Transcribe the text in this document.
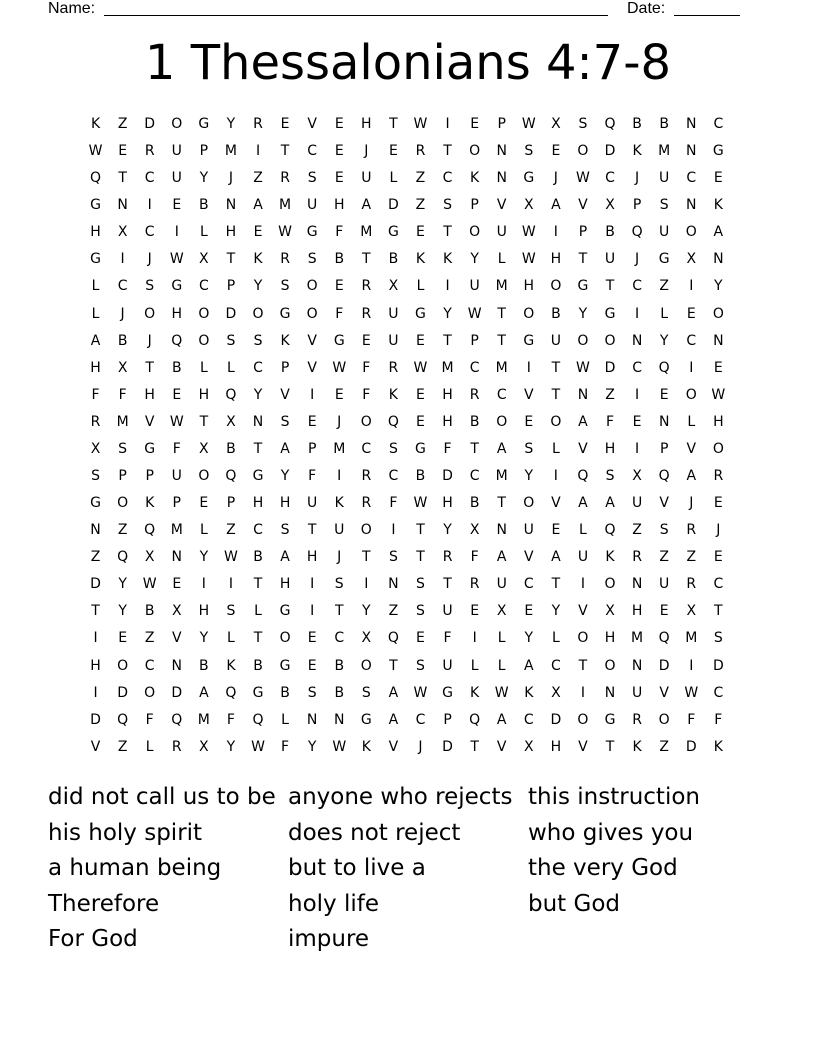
Name:	Date:
1 Thessalonians 4:7-8
K	Z	D	O	G	Y	R	E	V	E	H	T	W	I	E	P	W	X	S	Q	B	B	N	C
W	E	R	U	P	M	I	T	C	E	J	E	R	T	O	N	S	E	O	D	K	M	N	G
Q	T	C	U	Y	J	Z	R	S	E	U	L	Z	C	K	N	G	J	W	C	J	U	C	E
G	N	I	E	B	N	A	M	U	H	A	D	Z	S	P	V	X	A	V	X	P	S	N	K
H	X	C	I	L	H	E	W	G	F	M	G	E	T	O	U	W	I	P	B	Q	U	O	A
G	I	J	W	X	T	K	R	S	B	T	B	K	K	Y	L	W	H	T	U	J	G	X	N
L	C	S	G	C	P	Y	S	O	E	R	X	L	I	U	M	H	O	G	T	C	Z	I	Y
L	J	O	H	O	D	O	G	O	F	R	U	G	Y	W	T	O	B	Y	G	I	L	E	O
A	B	J	Q	O	S	S	K	V	G	E	U	E	T	P	T	G	U	O	O	N	Y	C	N
H	X	T	B	L	L	C	P	V	W	F	R	W	M	C	M	I	T	W	D	C	Q	I	E
F	F	H	E	H	Q	Y	V	I	E	F	K	E	H	R	C	V	T	N	Z	I	E	O	W
R	M	V	W	T	X	N	S	E	J	O	Q	E	H	B	O	E	O	A	F	E	N	L	H
X	S	G	F	X	B	T	A	P	M	C	S	G	F	T	A	S	L	V	H	I	P	V	O
S	P	P	U	O	Q	G	Y	F	I	R	C	B	D	C	M	Y	I	Q	S	X	Q	A	R
G	O	K	P	E	P	H	H	U	K	R	F	W	H	B	T	O	V	A	A	U	V	J	E
N	Z	Q	M	L	Z	C	S	T	U	O	I	T	Y	X	N	U	E	L	Q	Z	S	R	J
Z	Q	X	N	Y	W	B	A	H	J	T	S	T	R	F	A	V	A	U	K	R	Z	Z	E
D	Y	W	E	I	I	T	H	I	S	I	N	S	T	R	U	C	T	I	O	N	U	R	C
T	Y	B	X	H	S	L	G	I	T	Y	Z	S	U	E	X	E	Y	V	X	H	E	X	T
I	E	Z	V	Y	L	T	O	E	C	X	Q	E	F	I	L	Y	L	O	H	M	Q	M	S
H	O	C	N	B	K	B	G	E	B	O	T	S	U	L	L	A	C	T	O	N	D	I	D
I	D	O	D	A	Q	G	B	S	B	S	A	W	G	K	W	K	X	I	N	U	V	W	C
D	Q	F	Q	M	F	Q	L	N	N	G	A	C	P	Q	A	C	D	O	G	R	O	F	F
V	Z	L	R	X	Y	W	F	Y	W	K	V	J	D	T	V	X	H	V	T	K	Z	D	K
did not call us to be
his holy spirit
a human being
Therefore
For God
anyone who rejects
does not reject
but to live a
holy life
impure
this instruction
who gives you
the very God
but God
